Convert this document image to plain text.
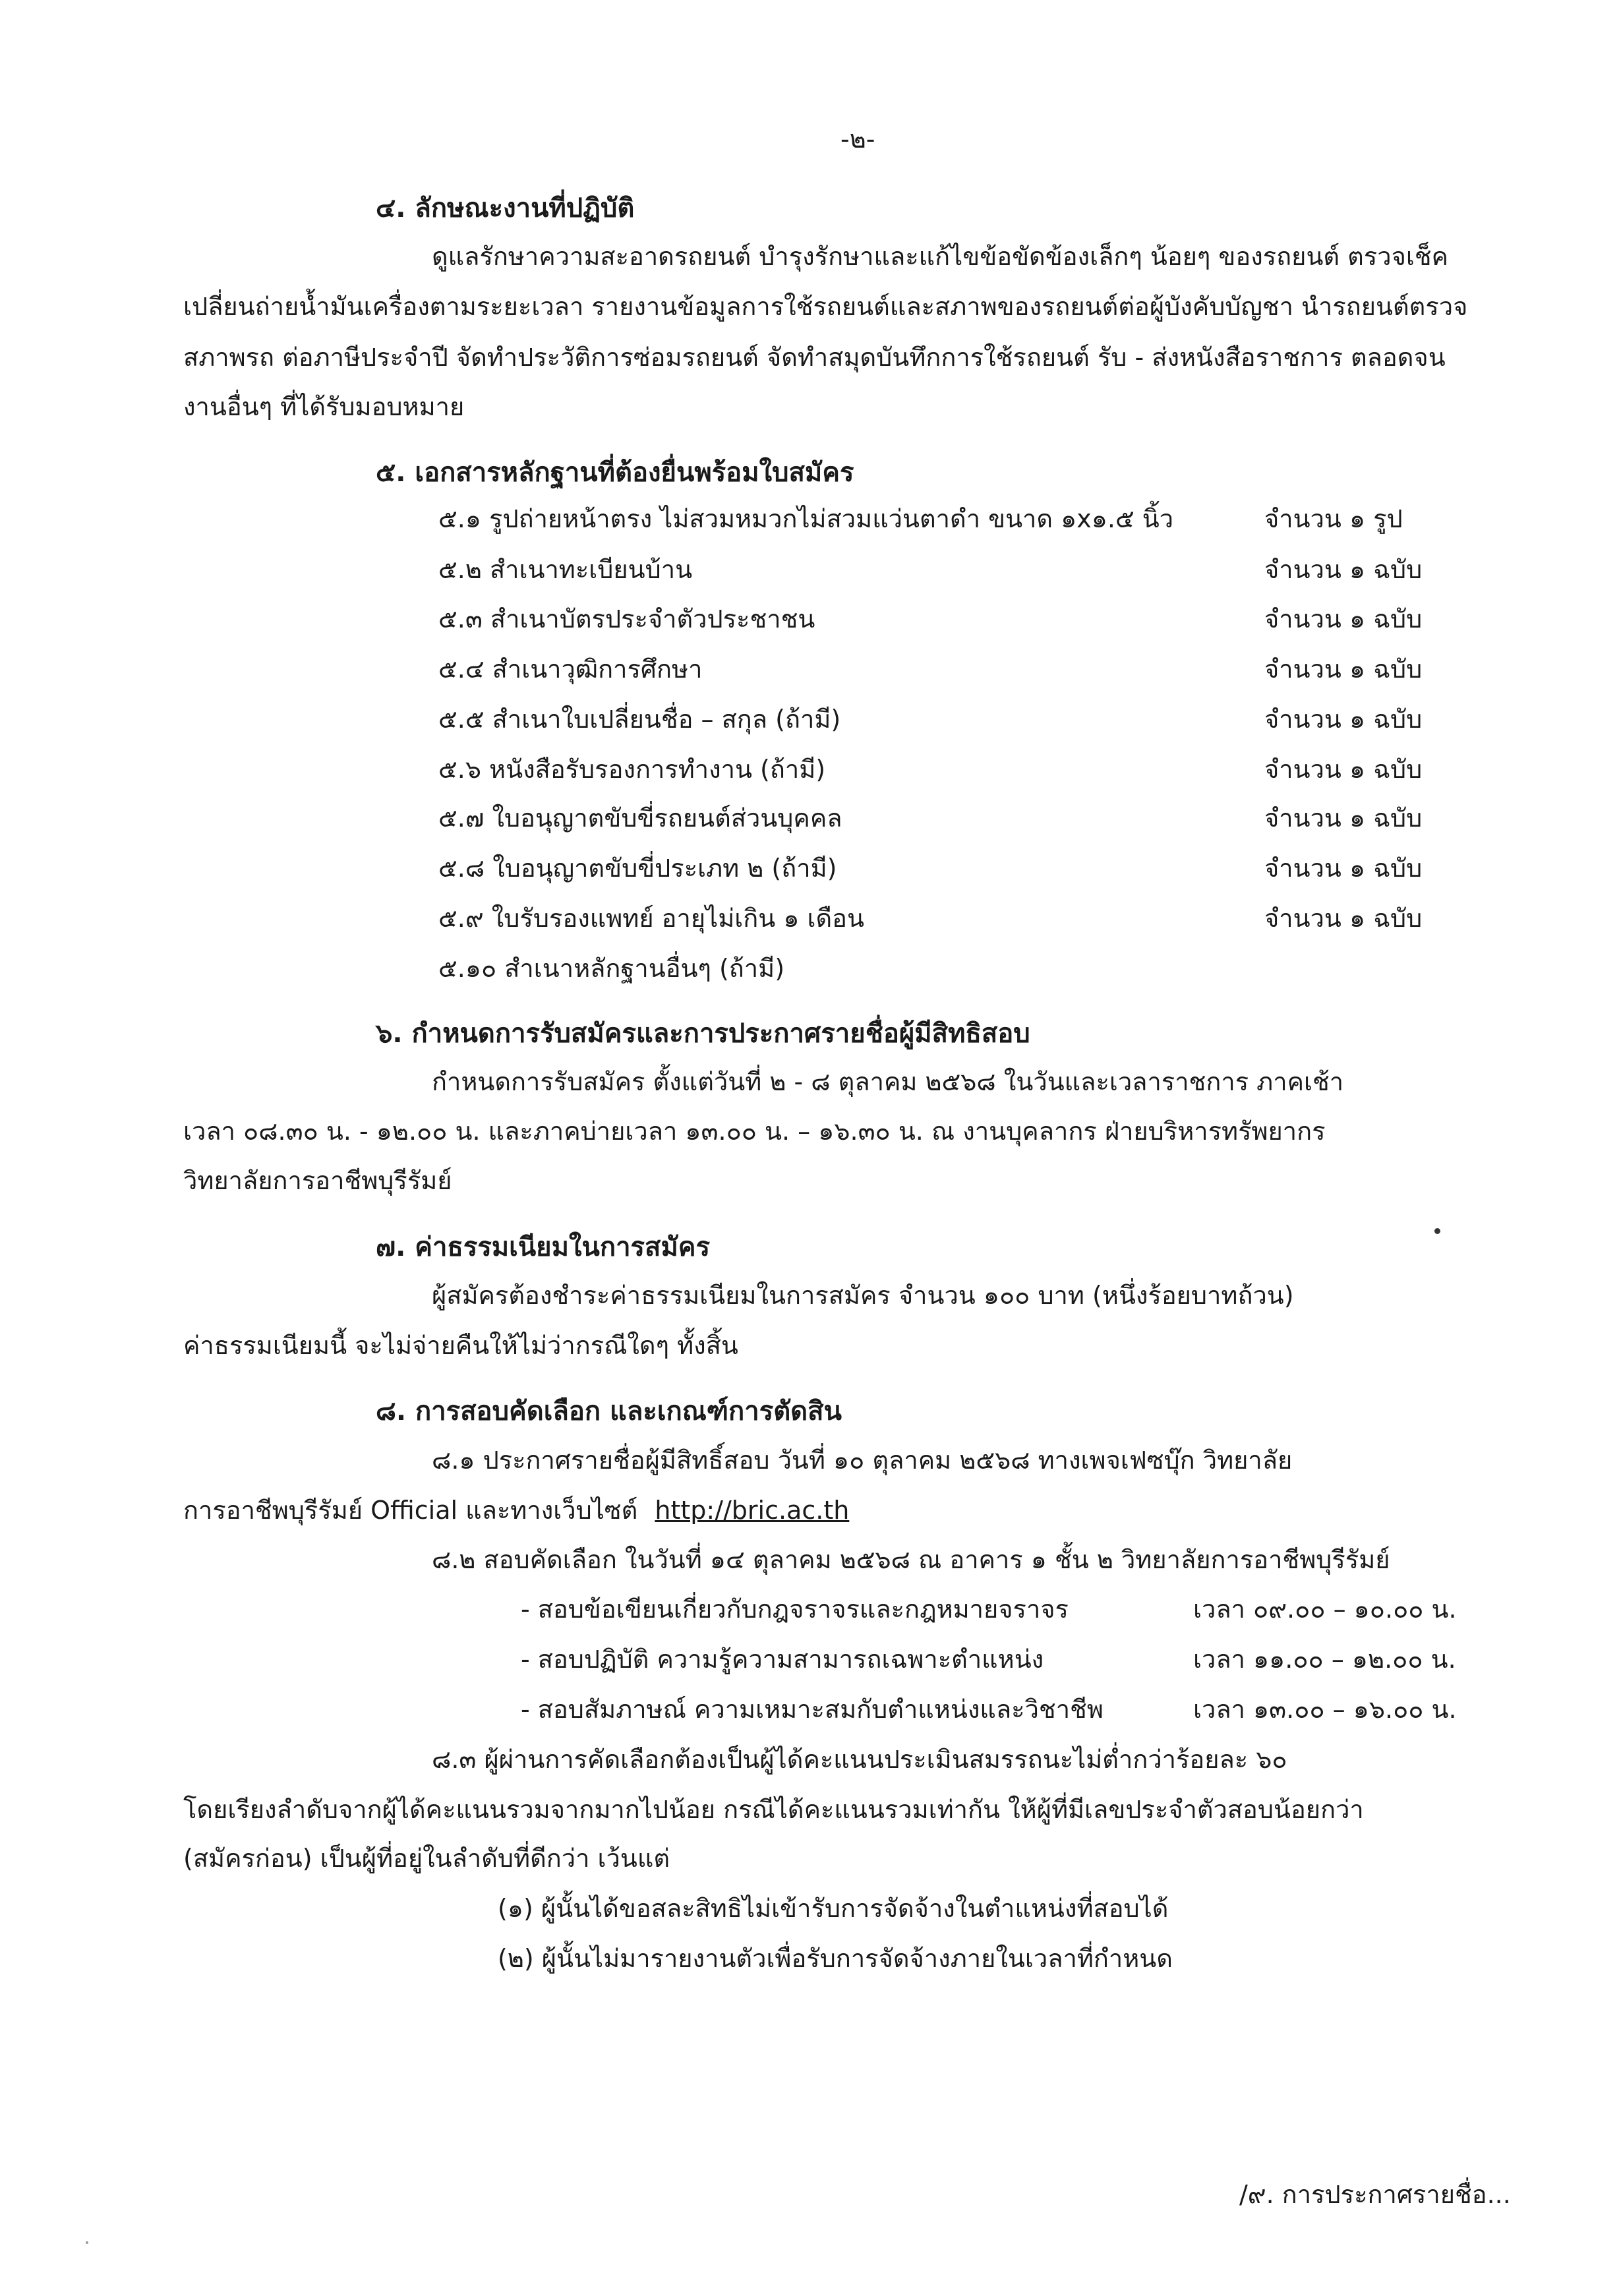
-๒-
๔. ลักษณะงานที่ปฏิบัติ
ดูแลรักษาความสะอาดรถยนต์ บำรุงรักษาและแก้ไขข้อขัดข้องเล็กๆ น้อยๆ ของรถยนต์ ตรวจเช็ค
เปลี่ยนถ่ายน้ำมันเครื่องตามระยะเวลา รายงานข้อมูลการใช้รถยนต์และสภาพของรถยนต์ต่อผู้บังคับบัญชา นำรถยนต์ตรวจ
สภาพรถ ต่อภาษีประจำปี จัดทำประวัติการซ่อมรถยนต์ จัดทำสมุดบันทึกการใช้รถยนต์ รับ - ส่งหนังสือราชการ ตลอดจน
งานอื่นๆ ที่ได้รับมอบหมาย
๕. เอกสารหลักฐานที่ต้องยื่นพร้อมใบสมัคร
๕.๑ รูปถ่ายหน้าตรง ไม่สวมหมวกไม่สวมแว่นตาดำ ขนาด ๑x๑.๕ นิ้ว	จำนวน ๑ รูป
๕.๒ สำเนาทะเบียนบ้าน	จำนวน ๑ ฉบับ
๕.๓ สำเนาบัตรประจำตัวประชาชน	จำนวน ๑ ฉบับ
๕.๔ สำเนาวุฒิการศึกษา	จำนวน ๑ ฉบับ
๕.๕ สำเนาใบเปลี่ยนชื่อ – สกุล (ถ้ามี)	จำนวน ๑ ฉบับ
๕.๖ หนังสือรับรองการทำงาน (ถ้ามี)	จำนวน ๑ ฉบับ
๕.๗ ใบอนุญาตขับขี่รถยนต์ส่วนบุคคล	จำนวน ๑ ฉบับ
๕.๘ ใบอนุญาตขับขี่ประเภท ๒ (ถ้ามี)	จำนวน ๑ ฉบับ
๕.๙ ใบรับรองแพทย์ อายุไม่เกิน ๑ เดือน	จำนวน ๑ ฉบับ
๕.๑๐ สำเนาหลักฐานอื่นๆ (ถ้ามี)
๖. กำหนดการรับสมัครและการประกาศรายชื่อผู้มีสิทธิสอบ
กำหนดการรับสมัคร ตั้งแต่วันที่ ๒ - ๘ ตุลาคม ๒๕๖๘ ในวันและเวลาราชการ ภาคเช้า
เวลา ๐๘.๓๐ น. - ๑๒.๐๐ น. และภาคบ่ายเวลา ๑๓.๐๐ น. – ๑๖.๓๐ น. ณ งานบุคลากร ฝ่ายบริหารทรัพยากร
วิทยาลัยการอาชีพบุรีรัมย์
๗. ค่าธรรมเนียมในการสมัคร
ผู้สมัครต้องชำระค่าธรรมเนียมในการสมัคร จำนวน ๑๐๐ บาท (หนึ่งร้อยบาทถ้วน)
ค่าธรรมเนียมนี้ จะไม่จ่ายคืนให้ไม่ว่ากรณีใดๆ ทั้งสิ้น
๘. การสอบคัดเลือก และเกณฑ์การตัดสิน
๘.๑ ประกาศรายชื่อผู้มีสิทธิ์สอบ วันที่ ๑๐ ตุลาคม ๒๕๖๘ ทางเพจเฟซบุ๊ก วิทยาลัย
การอาชีพบุรีรัมย์ Official และทางเว็บไซต์ http://bric.ac.th
๘.๒ สอบคัดเลือก ในวันที่ ๑๔ ตุลาคม ๒๕๖๘ ณ อาคาร ๑ ชั้น ๒ วิทยาลัยการอาชีพบุรีรัมย์
- สอบข้อเขียนเกี่ยวกับกฎจราจรและกฎหมายจราจร	เวลา ๐๙.๐๐ – ๑๐.๐๐ น.
- สอบปฏิบัติ ความรู้ความสามารถเฉพาะตำแหน่ง	เวลา ๑๑.๐๐ – ๑๒.๐๐ น.
- สอบสัมภาษณ์ ความเหมาะสมกับตำแหน่งและวิชาชีพ	เวลา ๑๓.๐๐ – ๑๖.๐๐ น.
๘.๓ ผู้ผ่านการคัดเลือกต้องเป็นผู้ได้คะแนนประเมินสมรรถนะไม่ต่ำกว่าร้อยละ ๖๐
โดยเรียงลำดับจากผู้ได้คะแนนรวมจากมากไปน้อย กรณีได้คะแนนรวมเท่ากัน ให้ผู้ที่มีเลขประจำตัวสอบน้อยกว่า
(สมัครก่อน) เป็นผู้ที่อยู่ในลำดับที่ดีกว่า เว้นแต่
(๑) ผู้นั้นได้ขอสละสิทธิไม่เข้ารับการจัดจ้างในตำแหน่งที่สอบได้
(๒) ผู้นั้นไม่มารายงานตัวเพื่อรับการจัดจ้างภายในเวลาที่กำหนด
/๙. การประกาศรายชื่อ...
